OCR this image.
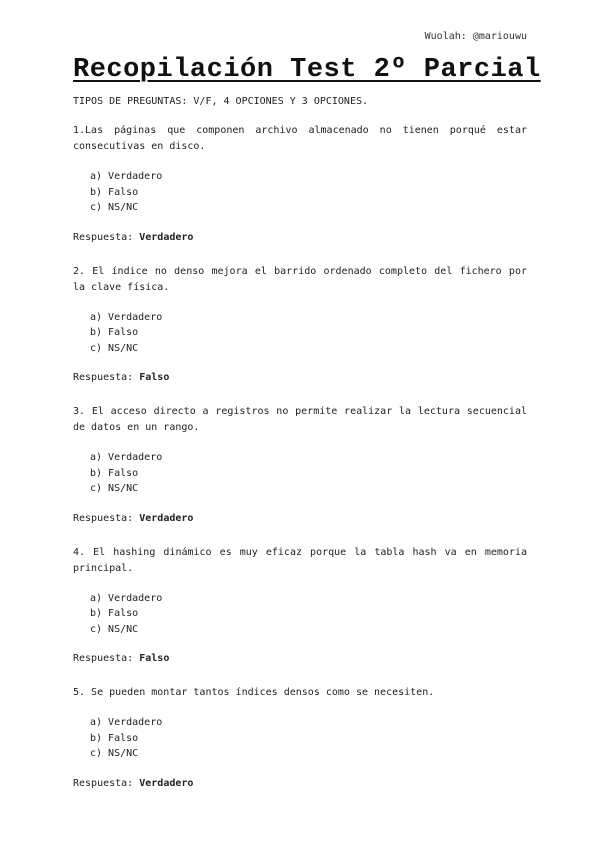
Wuolah: @mariouwu
Recopilación Test 2º Parcial
TIPOS DE PREGUNTAS: V/F, 4 OPCIONES Y 3 OPCIONES.

1.Las páginas que componen archivo almacenado no tienen porqué estar consecutivas en disco.

a) Verdadero
b) Falso
c) NS/NC
Respuesta: Verdadero

2. El índice no denso mejora el barrido ordenado completo del fichero por la clave física.

a) Verdadero
b) Falso
c) NS/NC
Respuesta: Falso

3. El acceso directo a registros no permite realizar la lectura secuencial de datos en un rango.

a) Verdadero
b) Falso
c) NS/NC
Respuesta: Verdadero

4. El hashing dinámico es muy eficaz porque la tabla hash va en memoria principal.

a) Verdadero
b) Falso
c) NS/NC
Respuesta: Falso

5. Se pueden montar tantos índices densos como se necesiten.

a) Verdadero
b) Falso
c) NS/NC
Respuesta: Verdadero
